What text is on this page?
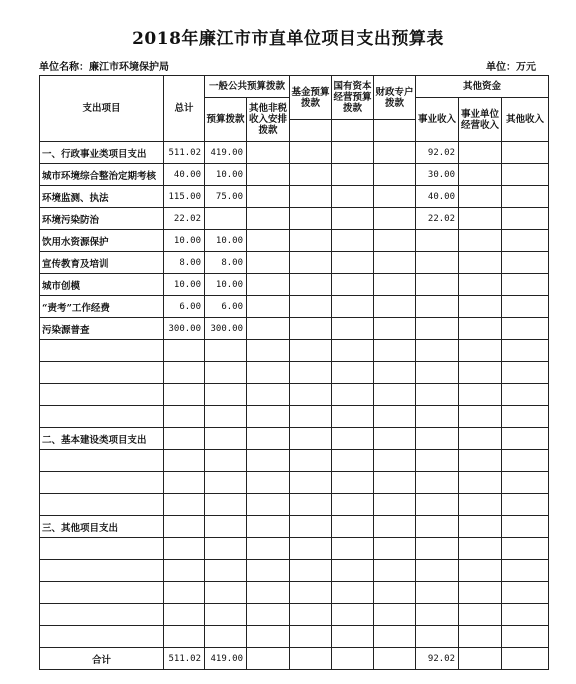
2018年廉江市市直单位项目支出预算表
单位名称：廉江市环境保护局	单位：万元
支出项目	总计	一般公共预算拨款		基金预算拨款	国有资本经营预算拨款	财政专户拨款	其他资金		
		预算拨款	其他非税收入安排拨款				事业收入	事业单位经营收入	其他收入

一、行政事业类项目支出	511.02	419.00					92.02		
城市环境综合整治定期考核	40.00	10.00					30.00		
环境监测、执法	115.00	75.00					40.00		
环境污染防治	22.02						22.02		
饮用水资源保护	10.00	10.00							
宣传教育及培训	8.00	8.00							
城市创模	10.00	10.00							
“责考”工作经费	6.00	6.00							
污染源普查	300.00	300.00							

二、基本建设类项目支出									

三、其他项目支出									

合计	511.02	419.00					92.02		
